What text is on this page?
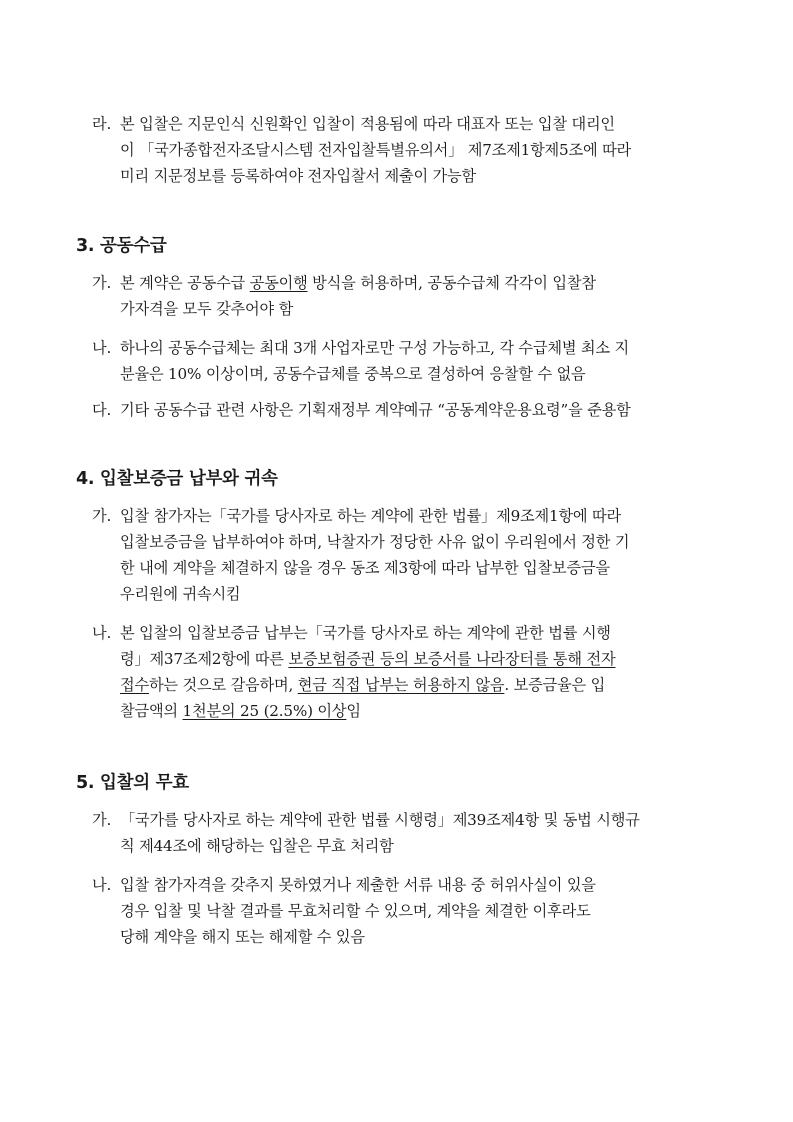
라. 본 입찰은 지문인식 신원확인 입찰이 적용됨에 따라 대표자 또는 입찰 대리인
이 「국가종합전자조달시스템 전자입찰특별유의서」 제7조제1항제5조에 따라
미리 지문정보를 등록하여야 전자입찰서 제출이 가능함
3. 공동수급
가. 본 계약은 공동수급 공동이행 방식을 허용하며, 공동수급체 각각이 입찰참
가자격을 모두 갖추어야 함
나. 하나의 공동수급체는 최대 3개 사업자로만 구성 가능하고, 각 수급체별 최소 지
분율은 10% 이상이며, 공동수급체를 중복으로 결성하여 응찰할 수 없음
다. 기타 공동수급 관련 사항은 기획재정부 계약예규 “공동계약운용요령”을 준용함
4. 입찰보증금 납부와 귀속
가. 입찰 참가자는「국가를 당사자로 하는 계약에 관한 법률」제9조제1항에 따라
입찰보증금을 납부하여야 하며, 낙찰자가 정당한 사유 없이 우리원에서 정한 기
한 내에 계약을 체결하지 않을 경우 동조 제3항에 따라 납부한 입찰보증금을
우리원에 귀속시킴
나. 본 입찰의 입찰보증금 납부는「국가를 당사자로 하는 계약에 관한 법률 시행
령」제37조제2항에 따른 보증보험증권 등의 보증서를 나라장터를 통해 전자
접수하는 것으로 갈음하며, 현금 직접 납부는 허용하지 않음. 보증금율은 입
찰금액의 1천분의 25 (2.5%) 이상임
5. 입찰의 무효
가. 「국가를 당사자로 하는 계약에 관한 법률 시행령」제39조제4항 및 동법 시행규
칙 제44조에 해당하는 입찰은 무효 처리함
나. 입찰 참가자격을 갖추지 못하였거나 제출한 서류 내용 중 허위사실이 있을
경우 입찰 및 낙찰 결과를 무효처리할 수 있으며, 계약을 체결한 이후라도
당해 계약을 해지 또는 해제할 수 있음
